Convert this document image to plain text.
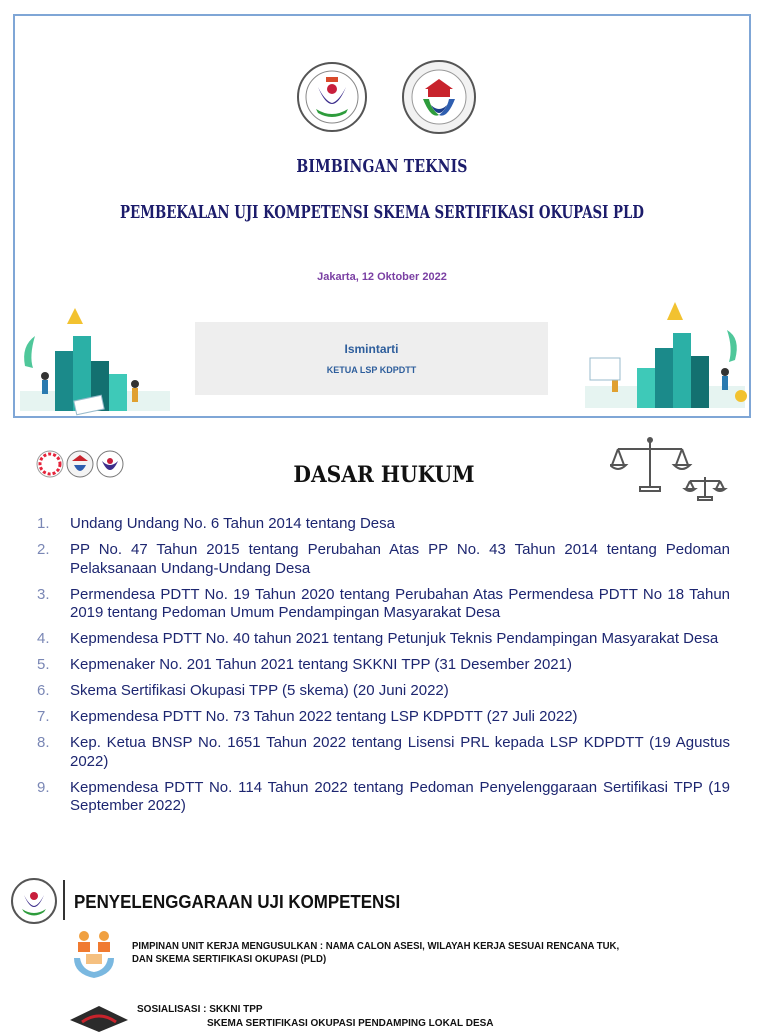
BIMBINGAN TEKNIS
PEMBEKALAN UJI KOMPETENSI SKEMA SERTIFIKASI OKUPASI PLD
Jakarta, 12 Oktober 2022
Ismintarti
KETUA LSP KDPDTT
DASAR HUKUM
1. Undang Undang No. 6 Tahun 2014 tentang Desa
2. PP No. 47 Tahun 2015 tentang Perubahan Atas PP No. 43 Tahun 2014 tentang Pedoman Pelaksanaan Undang-Undang Desa
3. Permendesa PDTT No. 19 Tahun 2020 tentang Perubahan Atas Permendesa PDTT No 18 Tahun 2019 tentang Pedoman Umum Pendampingan Masyarakat Desa
4. Kepmendesa PDTT No. 40 tahun 2021 tentang Petunjuk Teknis Pendampingan Masyarakat Desa
5. Kepmenaker No. 201 Tahun 2021 tentang SKKNI TPP (31 Desember 2021)
6. Skema Sertifikasi Okupasi TPP (5 skema) (20 Juni 2022)
7. Kepmendesa PDTT No. 73 Tahun 2022 tentang LSP KDPDTT (27 Juli 2022)
8. Kep. Ketua BNSP No. 1651 Tahun 2022 tentang Lisensi PRL kepada LSP KDPDTT (19 Agustus 2022)
9. Kepmendesa PDTT No. 114 Tahun 2022 tentang Pedoman Penyelenggaraan Sertifikasi TPP (19 September 2022)
PENYELENGGARAAN UJI KOMPETENSI
PIMPINAN UNIT KERJA MENGUSULKAN : NAMA CALON ASESI, WILAYAH KERJA SESUAI RENCANA TUK, DAN SKEMA SERTIFIKASI OKUPASI (PLD)
SOSIALISASI : SKKNI TPP
SKEMA SERTIFIKASI OKUPASI PENDAMPING LOKAL DESA
